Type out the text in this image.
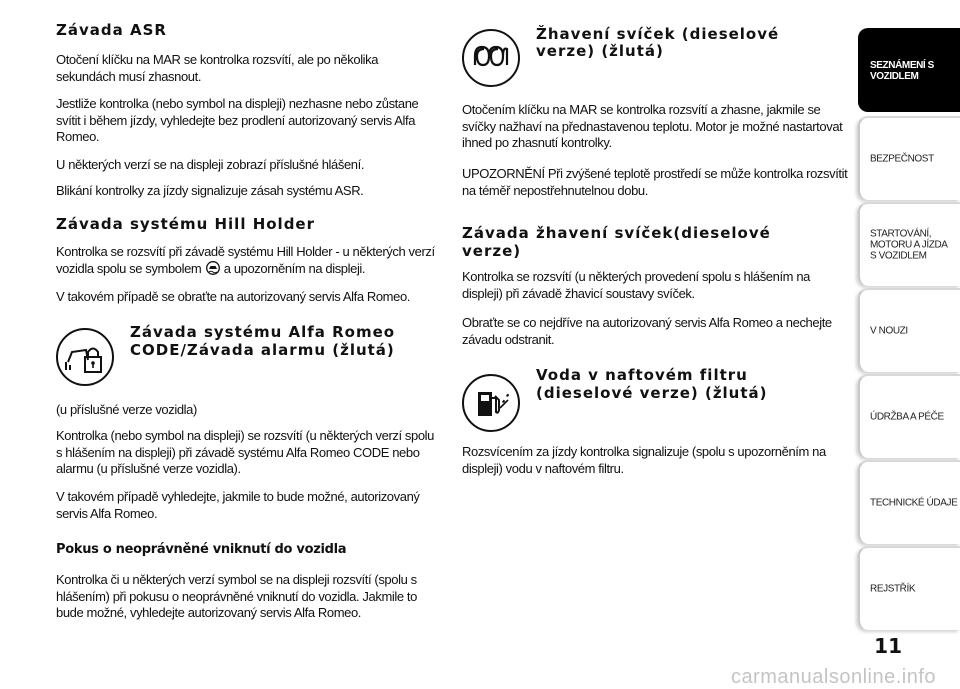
Závada ASR

Otočení klíčku na MAR se kontrolka rozsvítí, ale po několika sekundách musí zhasnout.

Jestliže kontrolka (nebo symbol na displeji) nezhasne nebo zůstane svítit i během jízdy, vyhledejte bez prodlení autorizovaný servis Alfa Romeo.

U některých verzí se na displeji zobrazí příslušné hlášení.

Blikání kontrolky za jízdy signalizuje zásah systému ASR.

Závada systému Hill Holder

Kontrolka se rozsvítí při závadě systému Hill Holder - u některých verzí vozidla spolu se symbolem  a upozorněním na displeji.

V takovém případě se obraťte na autorizovaný servis Alfa Romeo.

Závada systému Alfa Romeo
CODE/Závada alarmu (žlutá)

(u příslušné verze vozidla)

Kontrolka (nebo symbol na displeji) se rozsvítí (u některých verzí spolu s hlášením na displeji) při závadě systému Alfa Romeo CODE nebo alarmu (u příslušné verze vozidla).

V takovém případě vyhledejte, jakmile to bude možné, autorizovaný servis Alfa Romeo.

Pokus o neoprávněné vniknutí do vozidla

Kontrolka či u některých verzí symbol se na displeji rozsvítí (spolu s hlášením) při pokusu o neoprávněné vniknutí do vozidla. Jakmile to bude možné, vyhledejte autorizovaný servis Alfa Romeo.

Žhavení svíček (dieselové
verze) (žlutá)

Otočením klíčku na MAR se kontrolka rozsvítí a zhasne, jakmile se svíčky nažhaví na přednastavenou teplotu. Motor je možné nastartovat ihned po zhasnutí kontrolky.

UPOZORNĚNÍ Při zvýšené teplotě prostředí se může kontrolka rozsvítit na téměř nepostřehnutelnou dobu.

Závada žhavení svíček(dieselové
verze)

Kontrolka se rozsvítí (u některých provedení spolu s hlášením na displeji) při závadě žhavicí soustavy svíček.

Obraťte se co nejdříve na autorizovaný servis Alfa Romeo a nechejte závadu odstranit.

Voda v naftovém filtru
(dieselové verze) (žlutá)

Rozsvícením za jízdy kontrolka signalizuje (spolu s upozorněním na displeji) vodu v naftovém filtru.

SEZNÁMENÍ S VOZIDLEM
BEZPEČNOST
STARTOVÁNÍ, MOTORU A JÍZDA S VOZIDLEM
V NOUZI
ÚDRŽBA A PÉČE
TECHNICKÉ ÚDAJE
REJSTŘÍK
11
carmanualsonline.info
